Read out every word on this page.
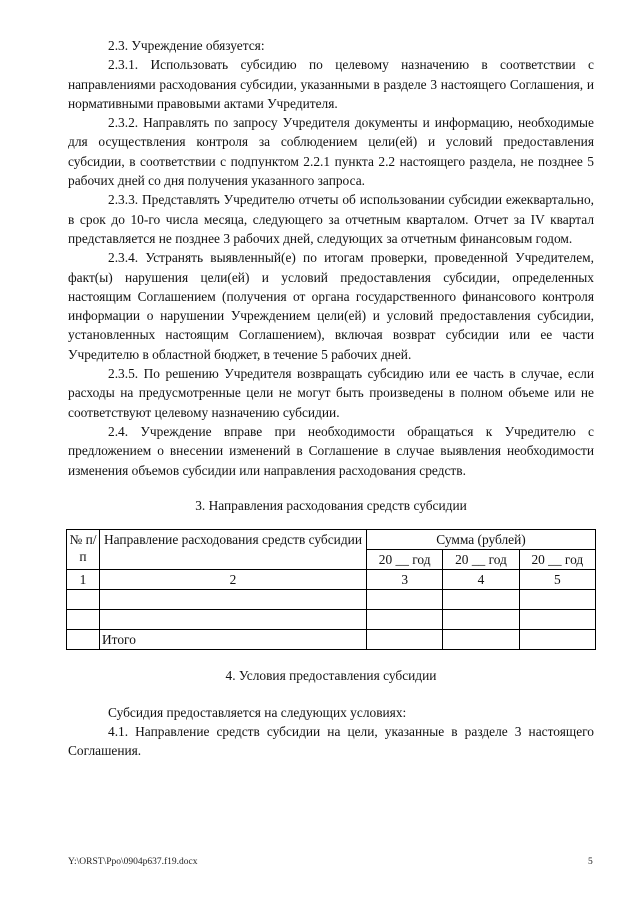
2.3. Учреждение обязуется:

2.3.1. Использовать субсидию по целевому назначению в соответствии с направлениями расходования субсидии, указанными в разделе 3 настоящего Соглашения, и нормативными правовыми актами Учредителя.

2.3.2. Направлять по запросу Учредителя документы и информацию, необходимые для осуществления контроля за соблюдением цели(ей) и условий предоставления субсидии, в соответствии с подпунктом 2.2.1 пункта 2.2 настоящего раздела, не позднее 5 рабочих дней со дня получения указанного запроса.

2.3.3. Представлять Учредителю отчеты об использовании субсидии ежеквартально, в срок до 10-го числа месяца, следующего за отчетным кварталом. Отчет за IV квартал представляется не позднее 3 рабочих дней, следующих за отчетным финансовым годом.

2.3.4. Устранять выявленный(е) по итогам проверки, проведенной Учредителем, факт(ы) нарушения цели(ей) и условий предоставления субсидии, определенных настоящим Соглашением (получения от органа государственного финансового контроля информации о нарушении Учреждением цели(ей) и условий предоставления субсидии, установленных настоящим Соглашением), включая возврат субсидии или ее части Учредителю в областной бюджет, в течение 5 рабочих дней.

2.3.5. По решению Учредителя возвращать субсидию или ее часть в случае, если расходы на предусмотренные цели не могут быть произведены в полном объеме или не соответствуют целевому назначению субсидии.

2.4. Учреждение вправе при необходимости обращаться к Учредителю с предложением о внесении изменений в Соглашение в случае выявления необходимости изменения объемов субсидии или направления расходования средств.

3. Направления расходования средств субсидии

№ п/п	Направление расходования средств субсидии	Сумма (рублей)		
		20 __ год	20 __ год	20 __ год
1	2	3	4	5

	Итого			

4. Условия предоставления субсидии

Субсидия предоставляется на следующих условиях:

4.1. Направление средств субсидии на цели, указанные в разделе 3 настоящего Соглашения.

Y:\ORST\Ppo\0904p637.f19.docx	5
